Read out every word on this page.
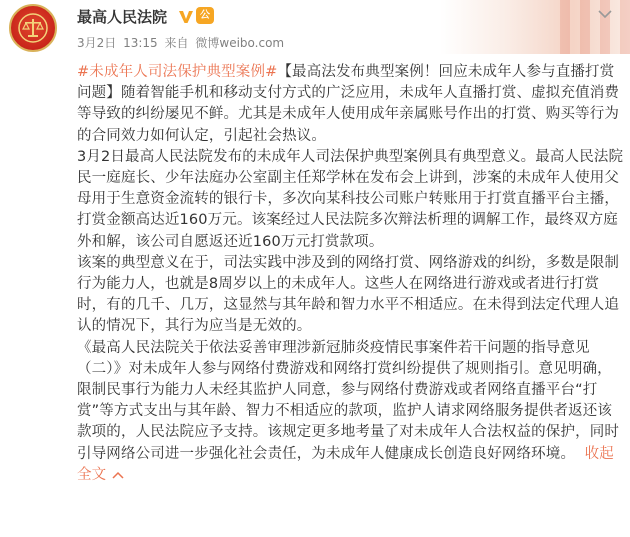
最高人民法院	公
3月2日 13:15 来自 微博weibo.com

#未成年人司法保护典型案例#【最高法发布典型案例！回应未成年人参与直播打赏问题】随着智能手机和移动支付方式的广泛应用，未成年人直播打赏、虚拟充值消费等导致的纠纷屡见不鲜。尤其是未成年人使用成年亲属账号作出的打赏、购买等行为的合同效力如何认定，引起社会热议。

3月2日最高人民法院发布的未成年人司法保护典型案例具有典型意义。最高人民法院民一庭庭长、少年法庭办公室副主任郑学林在发布会上讲到，涉案的未成年人使用父母用于生意资金流转的银行卡，多次向某科技公司账户转账用于打赏直播平台主播，打赏金额高达近160万元。该案经过人民法院多次辩法析理的调解工作，最终双方庭外和解，该公司自愿返还近160万元打赏款项。

该案的典型意义在于，司法实践中涉及到的网络打赏、网络游戏的纠纷，多数是限制行为能力人，也就是8周岁以上的未成年人。这些人在网络进行游戏或者进行打赏时，有的几千、几万，这显然与其年龄和智力水平不相适应。在未得到法定代理人追认的情况下，其行为应当是无效的。

《最高人民法院关于依法妥善审理涉新冠肺炎疫情民事案件若干问题的指导意见（二）》对未成年人参与网络付费游戏和网络打赏纠纷提供了规则指引。意见明确，限制民事行为能力人未经其监护人同意，参与网络付费游戏或者网络直播平台“打赏”等方式支出与其年龄、智力不相适应的款项，监护人请求网络服务提供者返还该款项的，人民法院应予支持。该规定更多地考量了对未成年人合法权益的保护，同时引导网络公司进一步强化社会责任，为未成年人健康成长创造良好网络环境。 收起全文
